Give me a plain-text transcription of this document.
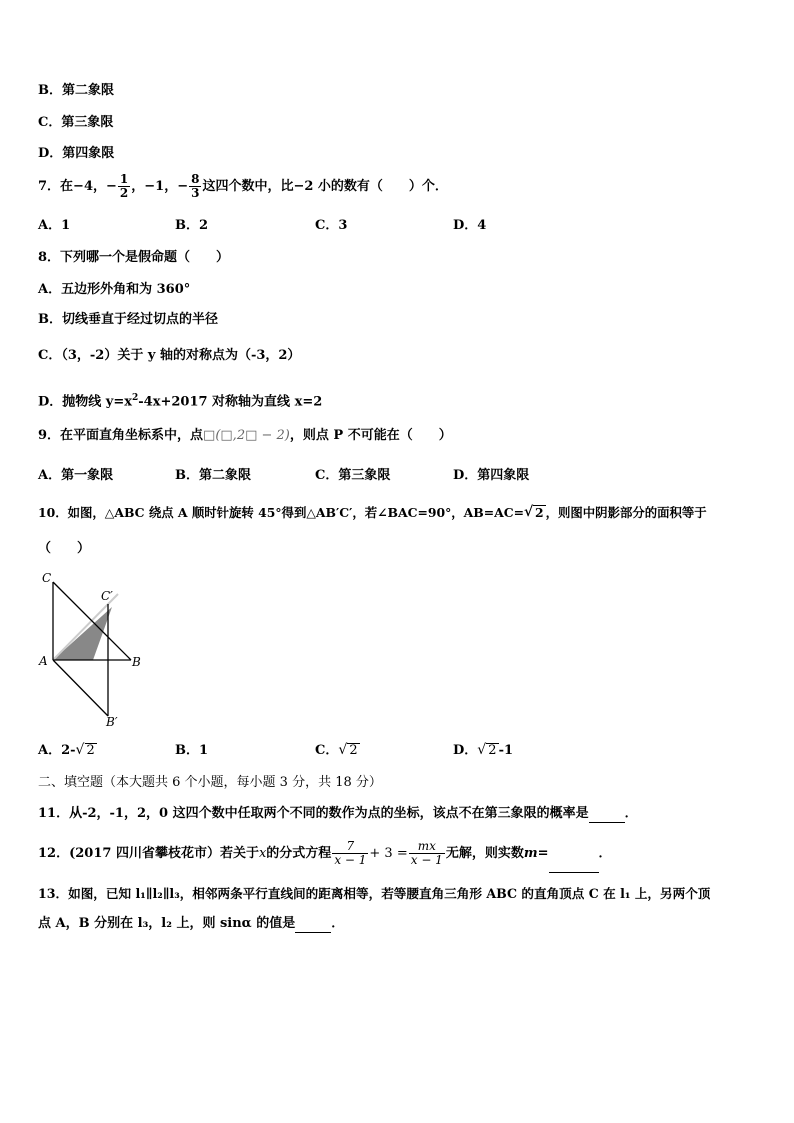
B．第二象限
C．第三象限
D．第四象限
7．在−4，− $\frac{1}{2}$ ，−1，− $\frac{8}{3}$ 这四个数中，比−2 小的数有（　　）个．
A．1	B．2	C．3	D．4
8．下列哪一个是假命题（　　）
A．五边形外角和为 360°
B．切线垂直于经过切点的半径
C．（3，-2）关于 y 轴的对称点为（-3，2）
D．抛物线 $y=x^2-4x+2017$ 对称轴为直线 x=2
9．在平面直角坐标系中，点□(□,2□ − 2)，则点 P 不可能在（　　）
A．第一象限	B．第二象限	C．第三象限	D．第四象限
10．如图，△ABC 绕点 A 顺时针旋转 45°得到△AB′C′，若∠BAC=90°，AB=AC= √ 2 ，则图中阴影部分的面积等于
（　　）
C
C′
A	B
B′
A．2- √ 2	B．1	C． √ 2	D． √ 2 -1
二、填空题（本大题共 6 个小题，每小题 3 分，共 18 分）
11．从-2，-1，2，0 这四个数中任取两个不同的数作为点的坐标，该点不在第三象限的概率是	．
12．(2017 四川省攀枝花市）若关于x的分式方程 $\frac{7}{x - 1} + 3 = \frac{mx}{x - 1}$ 无解，则实数m=	．
13．如图，已知 l₁∥l₂∥l₃，相邻两条平行直线间的距离相等，若等腰直角三角形 ABC 的直角顶点 C 在 l₁ 上，另两个顶
点 A，B 分别在 l₃，l₂ 上，则 sinα 的值是	．
